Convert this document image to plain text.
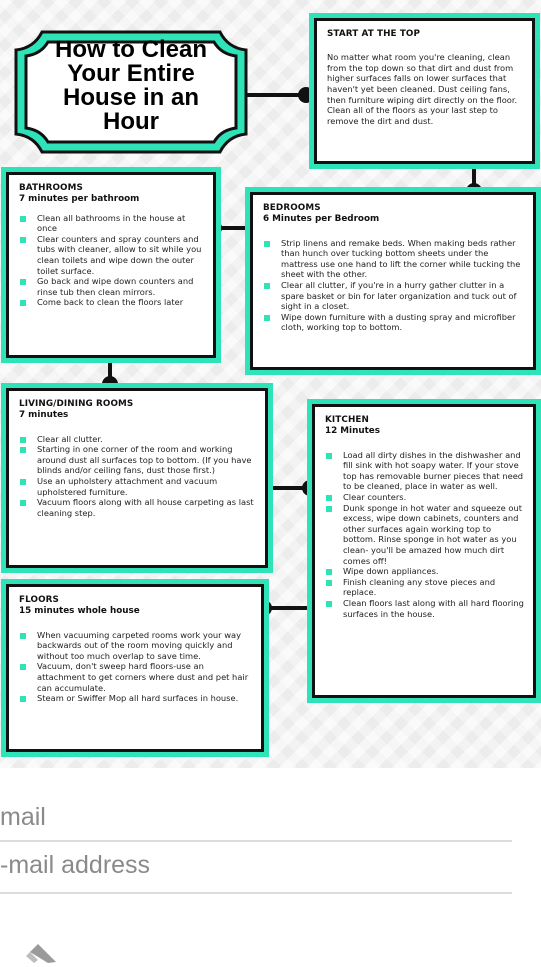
How to Clean Your Entire House in an Hour
START AT THE TOP

No matter what room you're cleaning, clean from the top down so that dirt and dust from higher surfaces falls on lower surfaces that haven't yet been cleaned. Dust ceiling fans, then furniture wiping dirt directly on the floor. Clean all of the floors as your last step to remove the dirt and dust.

BATHROOMS
7 minutes per bathroom
Clean all bathrooms in the house at once
Clear counters and spray counters and tubs with cleaner, allow to sit while you clean toilets and wipe down the outer toilet surface.
Go back and wipe down counters and rinse tub then clean mirrors.
Come back to clean the floors later
BEDROOMS
6 Minutes per Bedroom
Strip linens and remake beds. When making beds rather than hunch over tucking bottom sheets under the mattress use one hand to lift the corner while tucking the sheet with the other.
Clear all clutter, if you're in a hurry gather clutter in a spare basket or bin for later organization and tuck out of sight in a closet.
Wipe down furniture with a dusting spray and microfiber cloth, working top to bottom.
LIVING/DINING ROOMS
7 minutes
Clear all clutter.
Starting in one corner of the room and working around dust all surfaces top to bottom. (If you have blinds and/or ceiling fans, dust those first.)
Use an upholstery attachment and vacuum upholstered furniture.
Vacuum floors along with all house carpeting as last cleaning step.
KITCHEN
12 Minutes
Load all dirty dishes in the dishwasher and fill sink with hot soapy water. If your stove top has removable burner pieces that need to be cleaned, place in water as well.
Clear counters.
Dunk sponge in hot water and squeeze out excess, wipe down cabinets, counters and other surfaces again working top to bottom. Rinse sponge in hot water as you clean- you'll be amazed how much dirt comes off!
Wipe down appliances.
Finish cleaning any stove pieces and replace.
Clean floors last along with all hard flooring surfaces in the house.
FLOORS
15 minutes whole house
When vacuuming carpeted rooms work your way backwards out of the room moving quickly and without too much overlap to save time.
Vacuum, don't sweep hard floors-use an attachment to get corners where dust and pet hair can accumulate.
Steam or Swiffer Mop all hard surfaces in house.
mail
-mail address
